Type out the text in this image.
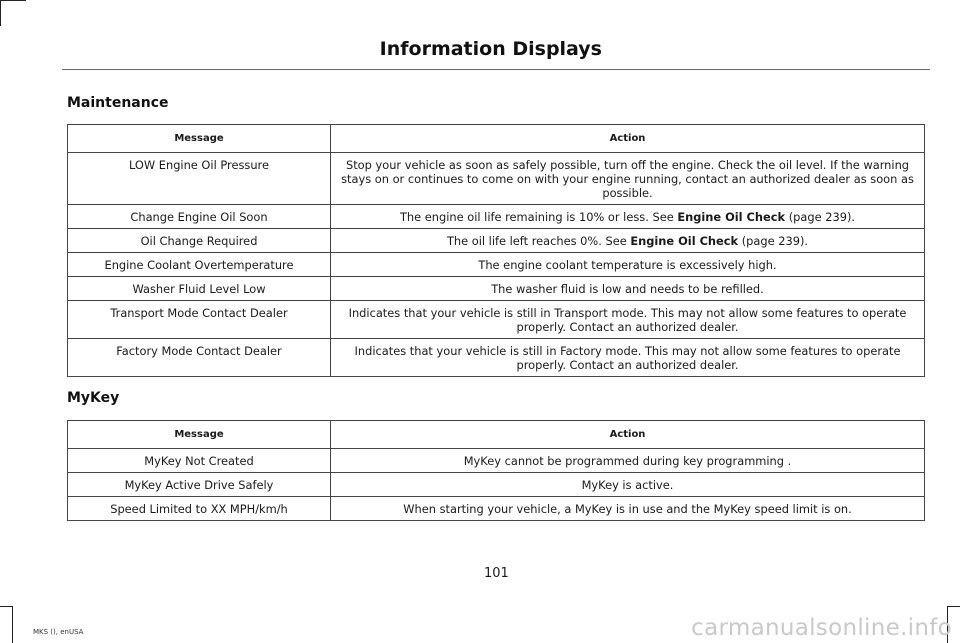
Information Displays
Maintenance
Message	Action
LOW Engine Oil Pressure	Stop your vehicle as soon as safely possible, turn off the engine. Check the oil level. If the warning stays on or continues to come on with your engine running, contact an authorized dealer as soon as possible.
Change Engine Oil Soon	The engine oil life remaining is 10% or less. See Engine Oil Check (page 239).
Oil Change Required	The oil life left reaches 0%. See Engine Oil Check (page 239).
Engine Coolant Overtemperature	The engine coolant temperature is excessively high.
Washer Fluid Level Low	The washer fluid is low and needs to be refilled.
Transport Mode Contact Dealer	Indicates that your vehicle is still in Transport mode. This may not allow some features to operate properly. Contact an authorized dealer.
Factory Mode Contact Dealer	Indicates that your vehicle is still in Factory mode. This may not allow some features to operate properly. Contact an authorized dealer.
MyKey
Message	Action
MyKey Not Created	MyKey cannot be programmed during key programming .
MyKey Active Drive Safely	MyKey is active.
Speed Limited to XX MPH/km/h	When starting your vehicle, a MyKey is in use and the MyKey speed limit is on.
101
MKS (), enUSA	carmanualsonline.info
